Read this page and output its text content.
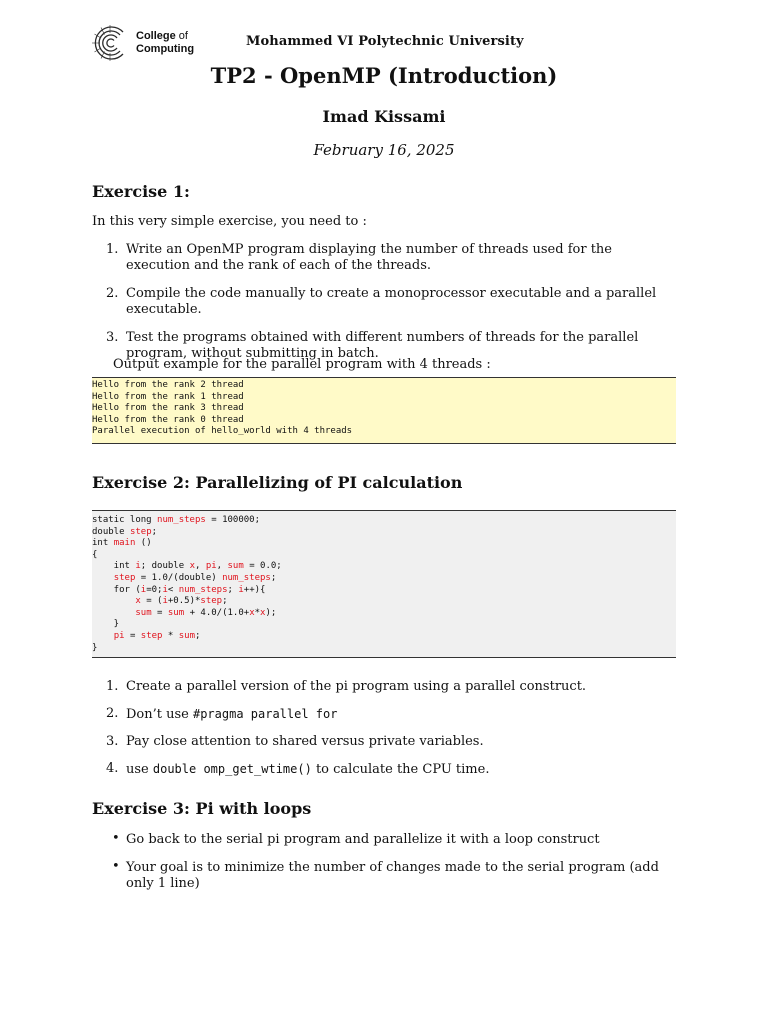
College of
Computing	Mohammed VI Polytechnic University
TP2 - OpenMP (Introduction)
Imad Kissami
February 16, 2025
Exercise 1:
In this very simple exercise, you need to :
1. Write an OpenMP program displaying the number of threads used for the execution and the rank of each of the threads.
2. Compile the code manually to create a monoprocessor executable and a parallel executable.
3. Test the programs obtained with different numbers of threads for the parallel program, without submitting in batch.
Output example for the parallel program with 4 threads :
Hello from the rank 2 thread
Hello from the rank 1 thread
Hello from the rank 3 thread
Hello from the rank 0 thread
Parallel execution of hello_world with 4 threads
Exercise 2: Parallelizing of PI calculation
static long num_steps = 100000;
double step;
int main ()
{
int i; double x, pi, sum = 0.0;
step = 1.0/(double) num_steps;
for (i=0;i< num_steps; i++){
x = (i+0.5)*step;
sum = sum + 4.0/(1.0+x*x);
}
pi = step * sum;
}
1. Create a parallel version of the pi program using a parallel construct.
2. Don’t use #pragma parallel for
3. Pay close attention to shared versus private variables.
4. use double omp_get_wtime() to calculate the CPU time.
Exercise 3: Pi with loops
• Go back to the serial pi program and parallelize it with a loop construct
• Your goal is to minimize the number of changes made to the serial program (add only 1 line)
